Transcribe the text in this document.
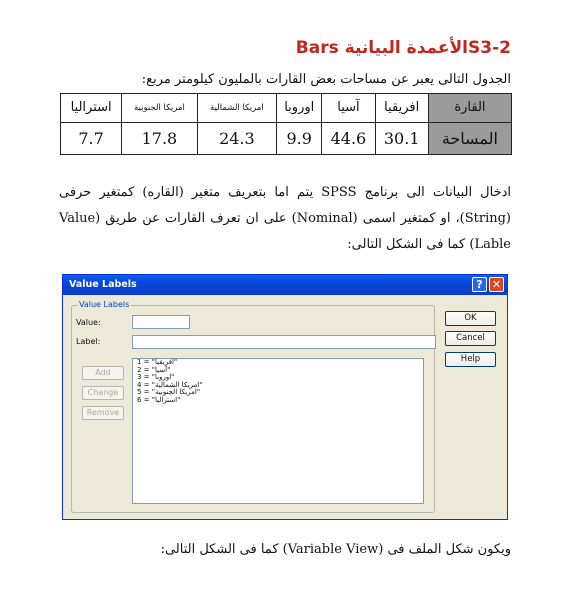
2-S3الأعمدة البيانية Bars
الجدول التالى يعبر عن مساحات بعض القارات بالمليون كيلومتر مربع:
القارة	افريقيا	آسيا	اوروبا	امريكا الشمالية	امريكا الجنوبية	استراليا
المساحة	30.1	44.6	9.9	24.3	17.8	7.7
ادخال البيانات الى برنامج SPSS يتم اما بتعريف متغير (القاره) كمتغير حرفى (String)، او كمتغير اسمى (Nominal) على ان تعرف القارات عن طريق (Value Lable) كما فى الشكل التالى:
Value Labels	? ✕
Value Labels
Value:
Label:
Add
Change
Remove
1 = "افريقيا"
2 = "آسيا"
3 = "اوروبا"
4 = "امريكا الشمالية"
5 = "امريكا الجنوبية"
6 = "استراليا"
OK
Cancel
Help
ويكون شكل الملف فى (Variable View) كما فى الشكل التالى:
